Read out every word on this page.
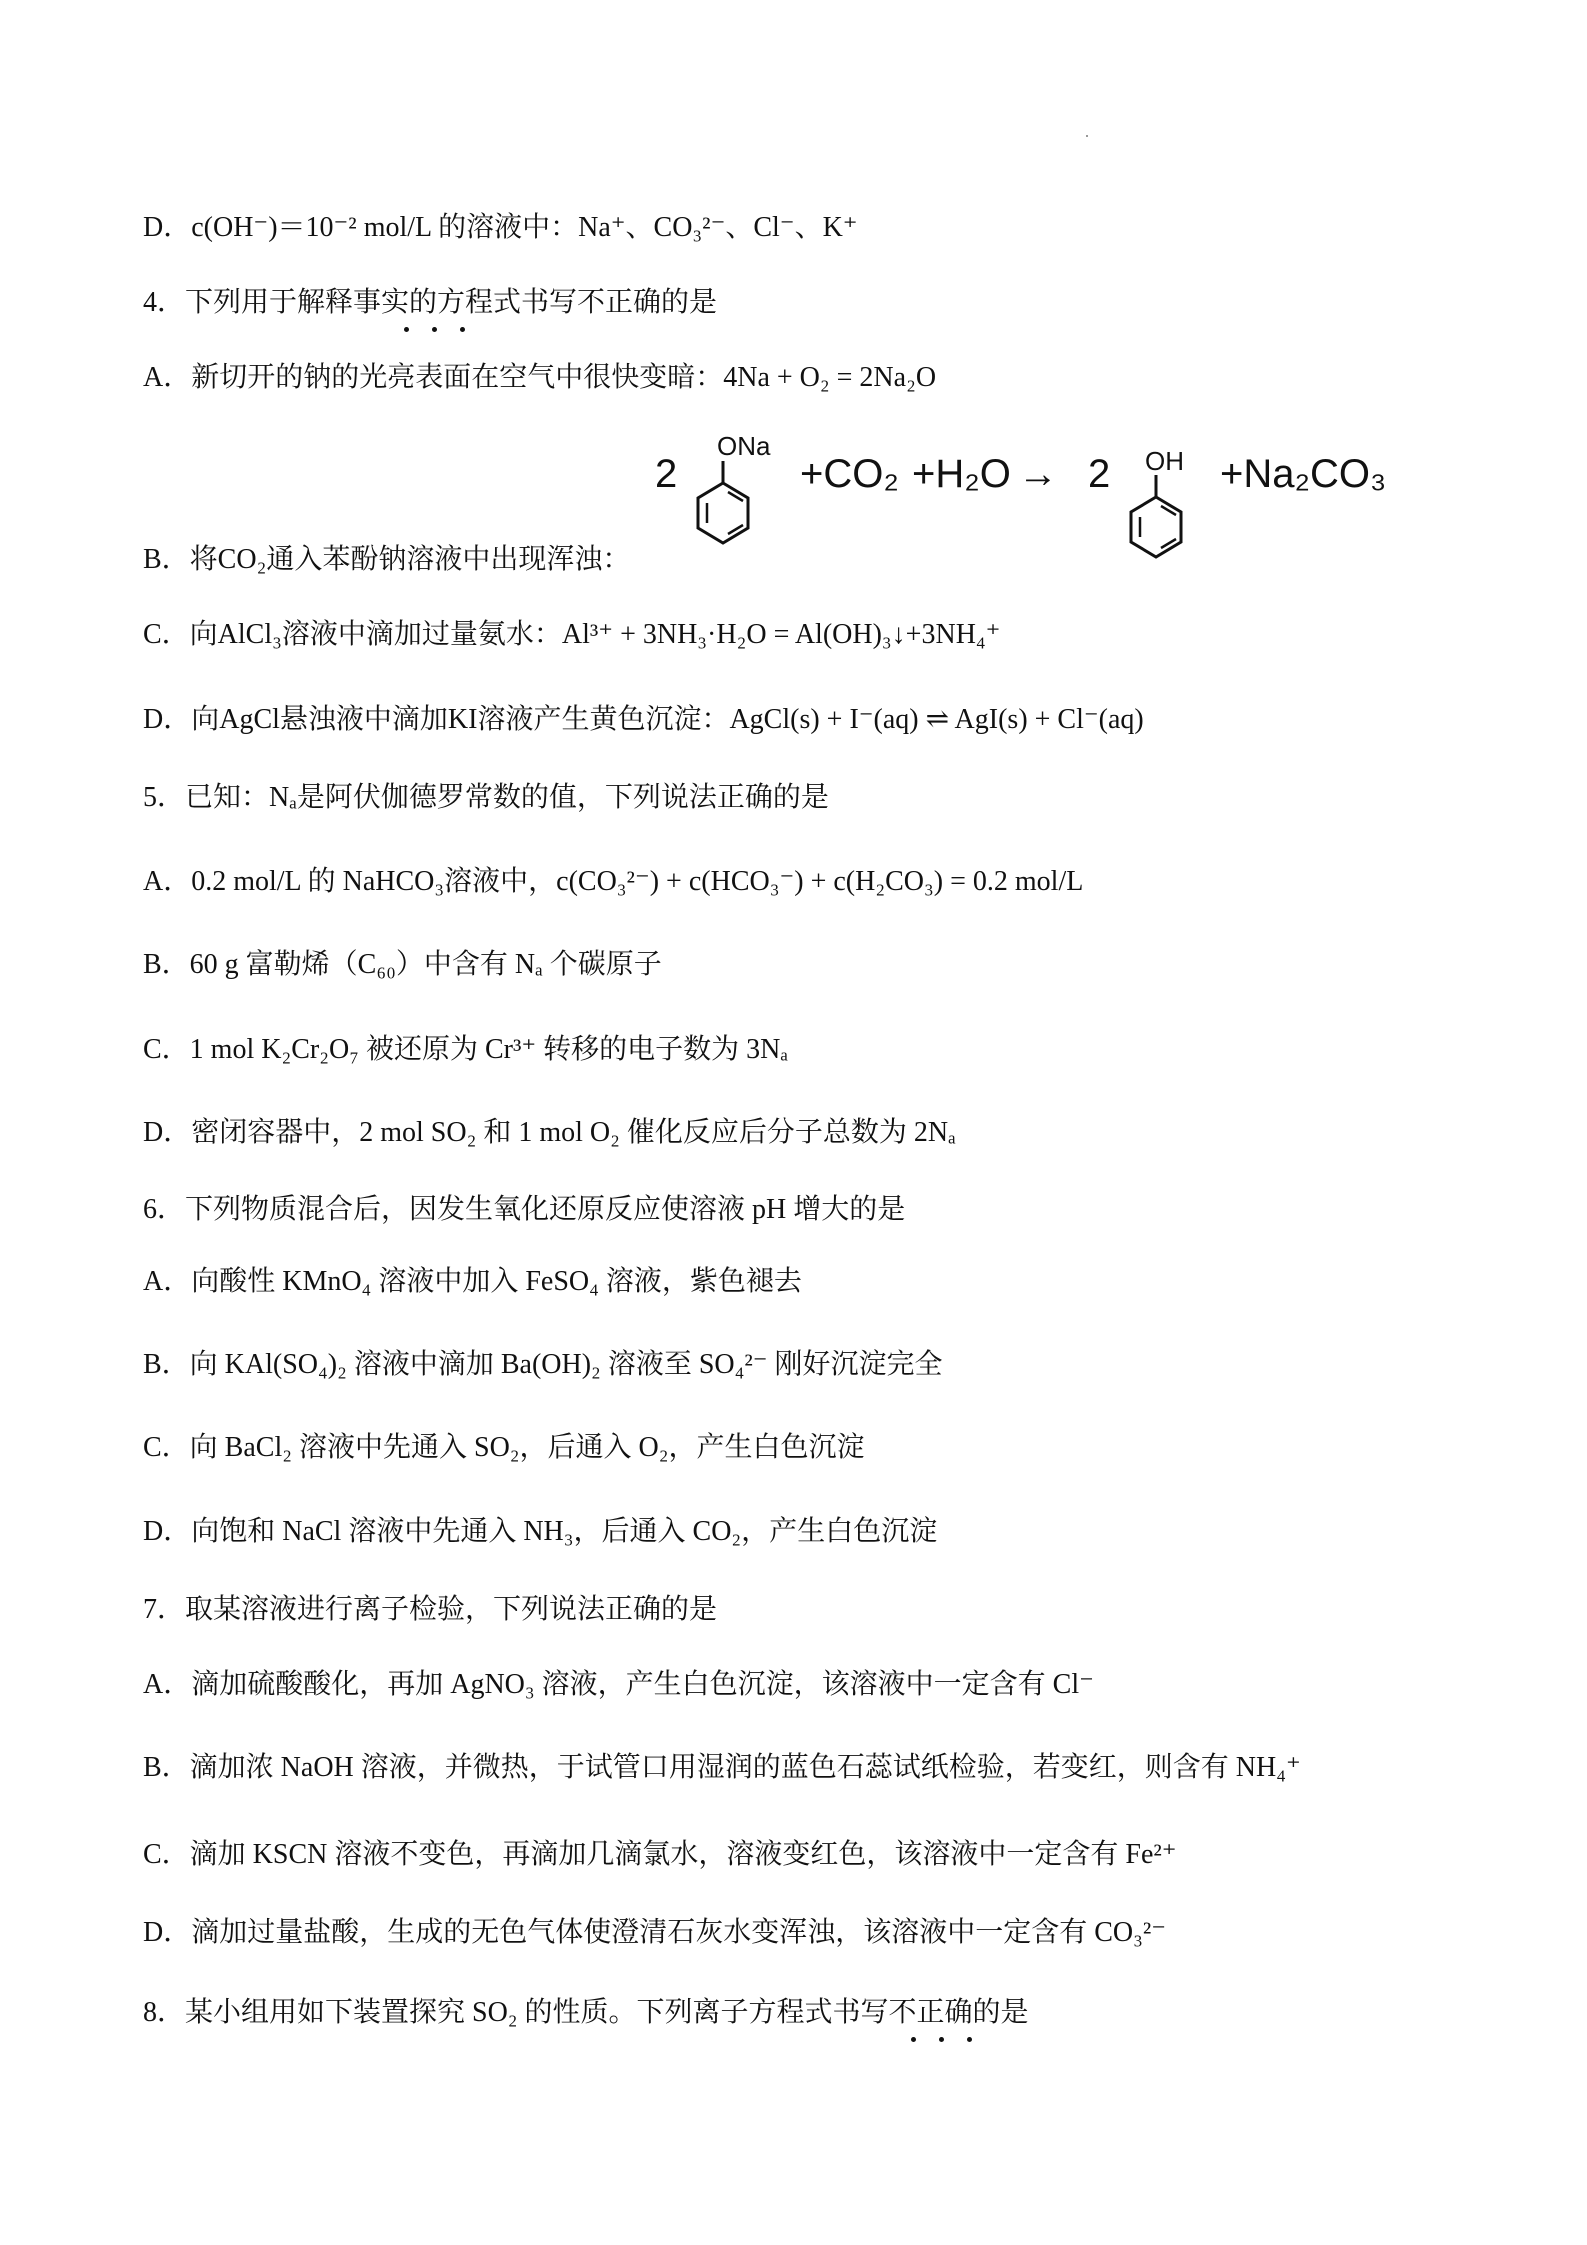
D．c(OH⁻)＝10⁻² mol/L 的溶液中：Na⁺、CO₃²⁻、Cl⁻、K⁺
4．下列用于解释事实的方程式书写不正确的是
A．新切开的钠的光亮表面在空气中很快变暗：4Na + O₂ = 2Na₂O
2
ONa
+CO₂ +H₂O → 2 OH +Na₂CO₃
B．将CO₂通入苯酚钠溶液中出现浑浊：
C．向AlCl₃溶液中滴加过量氨水：Al³⁺ + 3NH₃·H₂O = Al(OH)₃↓+3NH₄⁺
D．向AgCl悬浊液中滴加KI溶液产生黄色沉淀：AgCl(s) + I⁻(aq) ⇌ AgI(s) + Cl⁻(aq)
5．已知：Nₐ是阿伏伽德罗常数的值，下列说法正确的是
A．0.2 mol/L 的 NaHCO₃溶液中，c(CO₃²⁻) + c(HCO₃⁻) + c(H₂CO₃) = 0.2 mol/L
B．60 g 富勒烯（C₆₀）中含有 Nₐ 个碳原子
C．1 mol K₂Cr₂O₇ 被还原为 Cr³⁺ 转移的电子数为 3Nₐ
D．密闭容器中，2 mol SO₂ 和 1 mol O₂ 催化反应后分子总数为 2Nₐ
6．下列物质混合后，因发生氧化还原反应使溶液 pH 增大的是
A．向酸性 KMnO₄ 溶液中加入 FeSO₄ 溶液，紫色褪去
B．向 KAl(SO₄)₂ 溶液中滴加 Ba(OH)₂ 溶液至 SO₄²⁻ 刚好沉淀完全
C．向 BaCl₂ 溶液中先通入 SO₂，后通入 O₂，产生白色沉淀
D．向饱和 NaCl 溶液中先通入 NH₃，后通入 CO₂，产生白色沉淀
7．取某溶液进行离子检验，下列说法正确的是
A．滴加硫酸酸化，再加 AgNO₃ 溶液，产生白色沉淀，该溶液中一定含有 Cl⁻
B．滴加浓 NaOH 溶液，并微热，于试管口用湿润的蓝色石蕊试纸检验，若变红，则含有 NH₄⁺
C．滴加 KSCN 溶液不变色，再滴加几滴氯水，溶液变红色，该溶液中一定含有 Fe²⁺
D．滴加过量盐酸，生成的无色气体使澄清石灰水变浑浊，该溶液中一定含有 CO₃²⁻
8．某小组用如下装置探究 SO₂ 的性质。下列离子方程式书写不正确的是
